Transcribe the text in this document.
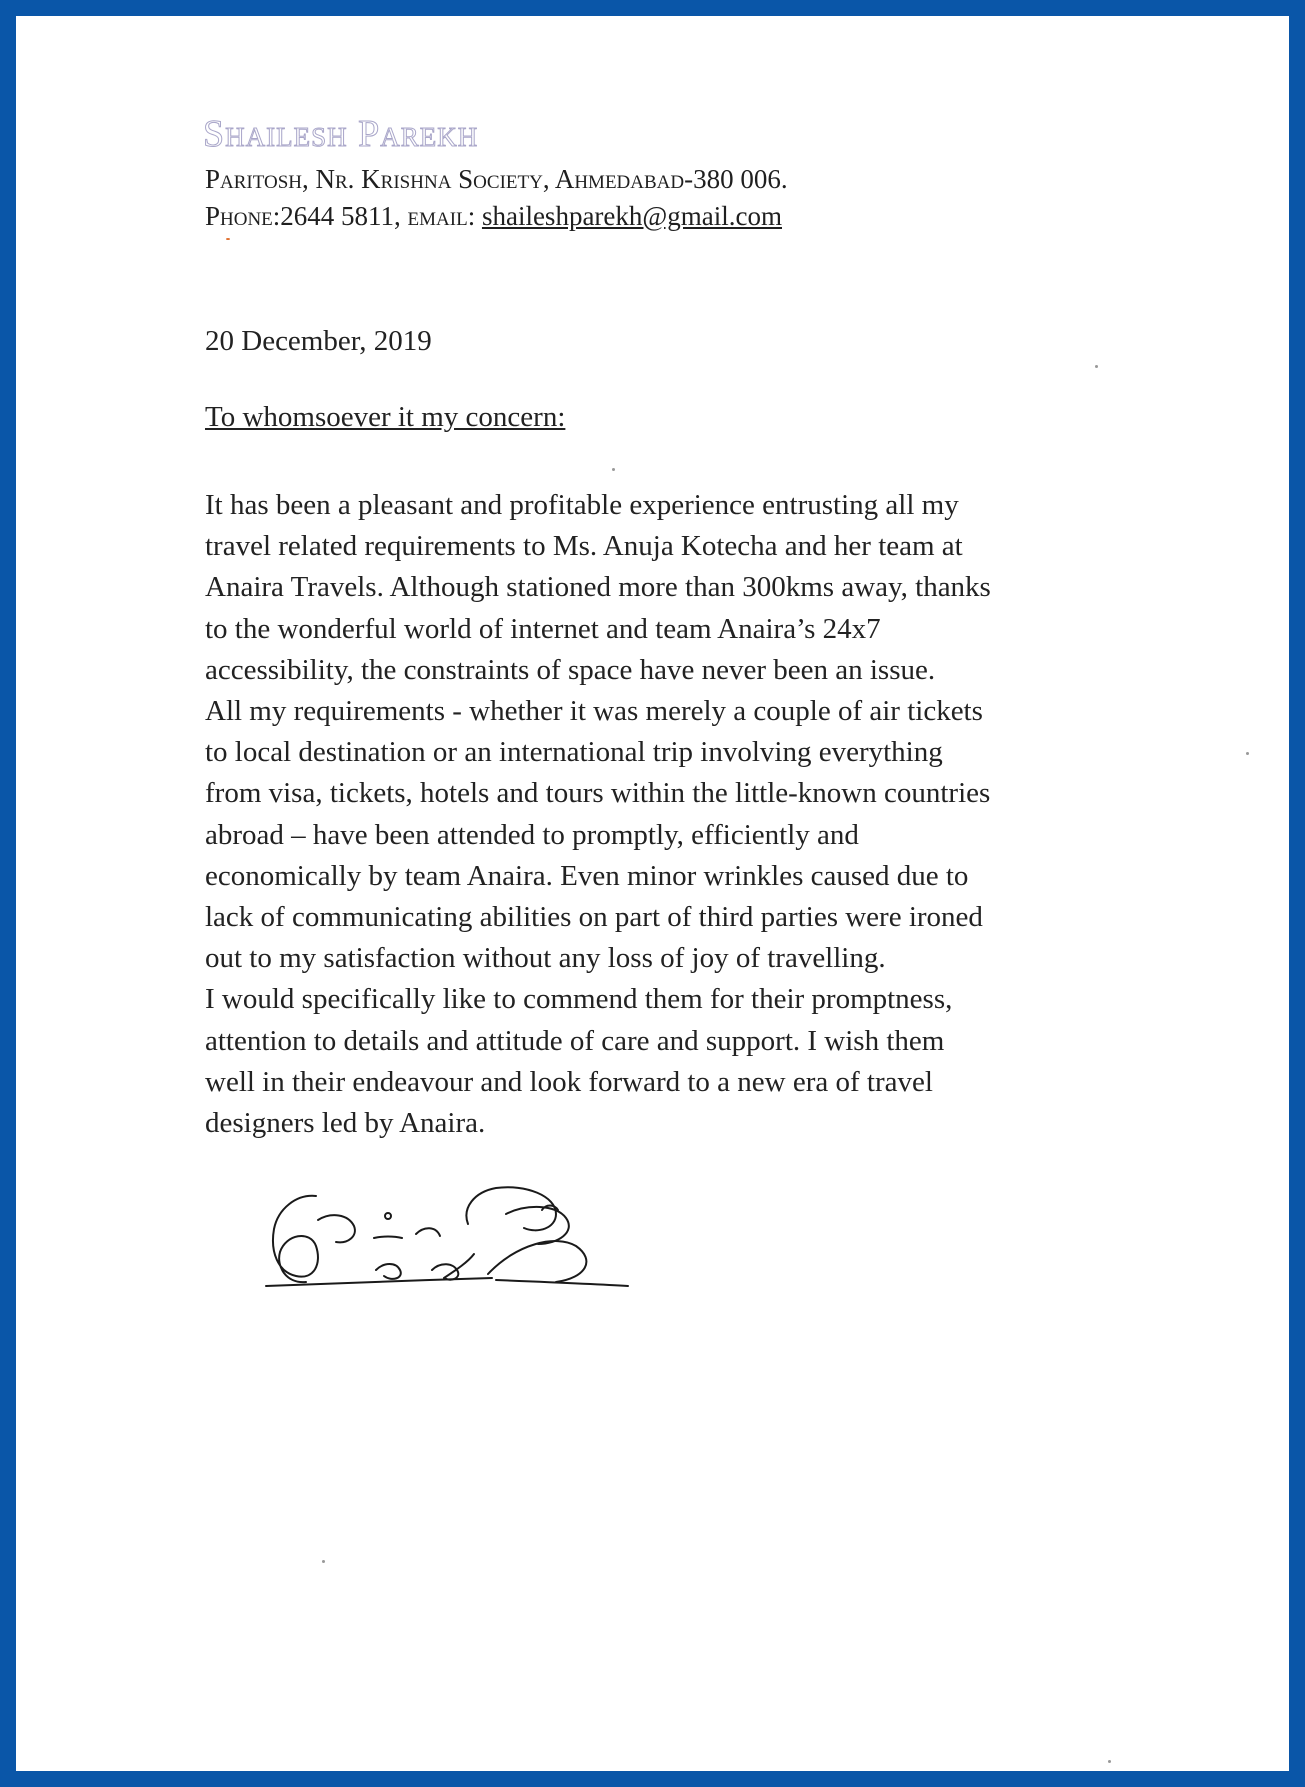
Shailesh Parekh
Paritosh, Nr. Krishna Society, Ahmedabad-380 006.
Phone:2644 5811, email: shaileshparekh@gmail.com
20 December, 2019
To whomsoever it my concern:
It has been a pleasant and profitable experience entrusting all my
travel related requirements to Ms. Anuja Kotecha and her team at
Anaira Travels. Although stationed more than 300kms away, thanks
to the wonderful world of internet and team Anaira’s 24x7
accessibility, the constraints of space have never been an issue.
All my requirements - whether it was merely a couple of air tickets
to local destination or an international trip involving everything
from visa, tickets, hotels and tours within the little-known countries
abroad – have been attended to promptly, efficiently and
economically by team Anaira. Even minor wrinkles caused due to
lack of communicating abilities on part of third parties were ironed
out to my satisfaction without any loss of joy of travelling.
I would specifically like to commend them for their promptness,
attention to details and attitude of care and support. I wish them
well in their endeavour and look forward to a new era of travel
designers led by Anaira.
